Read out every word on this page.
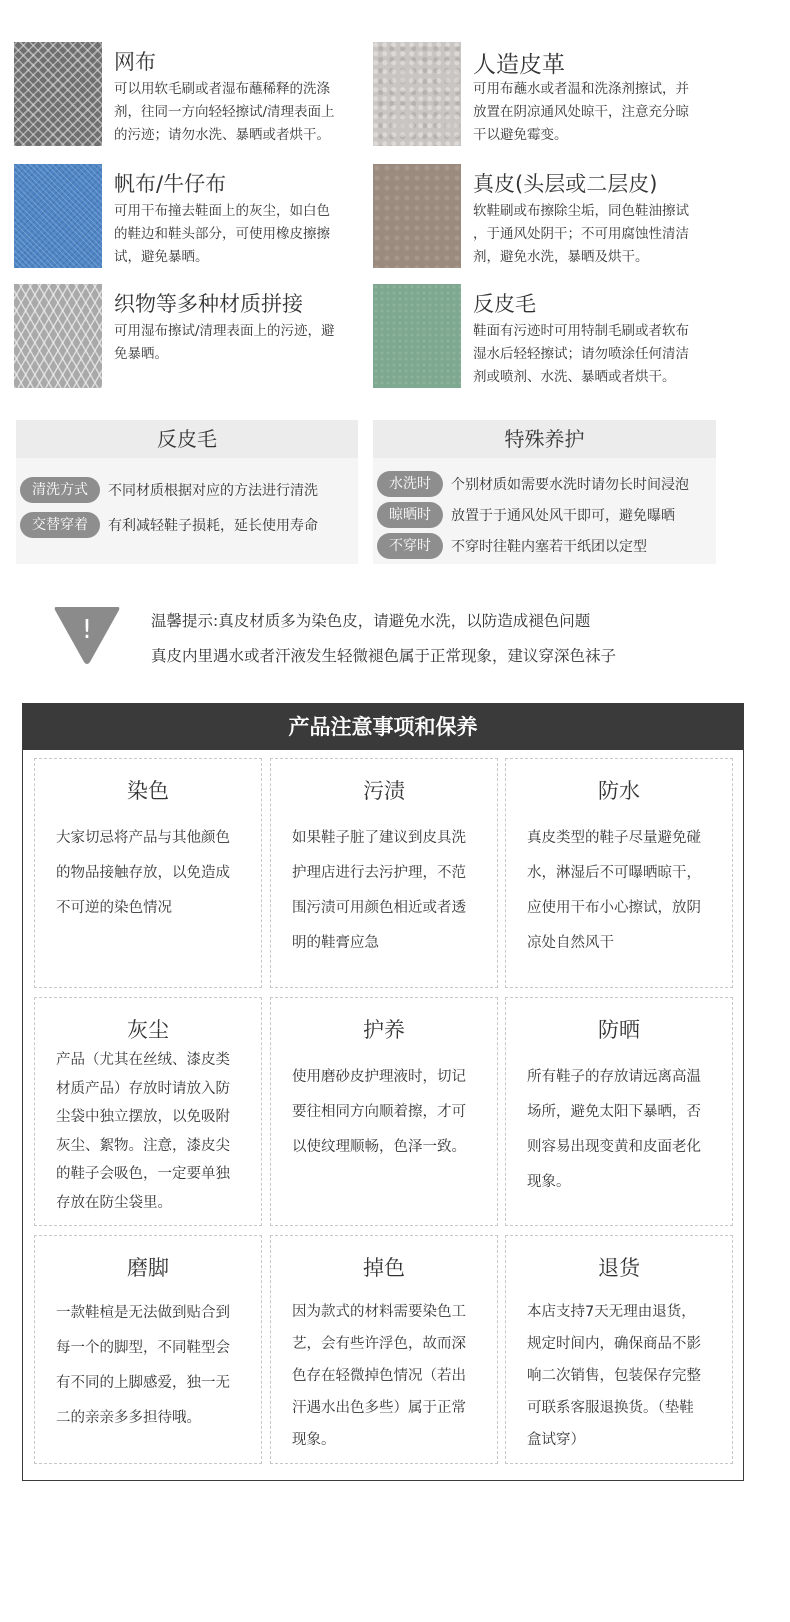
网布
可以用软毛刷或者湿布蘸稀释的洗涤
剂，往同一方向轻轻擦试/清理表面上
的污迹；请勿水洗、暴晒或者烘干。
人造皮革
可用布蘸水或者温和洗涤剂擦试，并
放置在阴凉通风处晾干，注意充分晾
干以避免霉变。
帆布/牛仔布
可用干布撞去鞋面上的灰尘，如白色
的鞋边和鞋头部分，可使用橡皮擦擦
试，避免暴晒。
真皮(头层或二层皮)
软鞋刷或布擦除尘垢，同色鞋油擦试
，于通风处阴干；不可用腐蚀性清洁
剂，避免水洗，暴晒及烘干。
织物等多种材质拼接
可用湿布擦试/清理表面上的污迹，避
免暴晒。
反皮毛
鞋面有污迹时可用特制毛刷或者软布
湿水后轻轻擦试；请勿喷涂任何清洁
剂或喷剂、水洗、暴晒或者烘干。
反皮毛
清洗方式	不同材质根据对应的方法进行清洗
交替穿着	有利减轻鞋子损耗，延长使用寿命
特殊养护
水洗时	个别材质如需要水洗时请勿长时间浸泡
晾晒时	放置于于通风处风干即可，避免曝晒
不穿时	不穿时往鞋内塞若干纸团以定型
!	温馨提示:真皮材质多为染色皮，请避免水洗，以防造成褪色问题
真皮内里遇水或者汗液发生轻微褪色属于正常现象，建议穿深色袜子
产品注意事项和保养
染色
大家切忌将产品与其他颜色
的物品接触存放，以免造成
不可逆的染色情况
污渍
如果鞋子脏了建议到皮具洗
护理店进行去污护理，不范
围污渍可用颜色相近或者透
明的鞋膏应急
防水
真皮类型的鞋子尽量避免碰
水，淋湿后不可曝晒晾干，
应使用干布小心擦试，放阴
凉处自然风干
灰尘
产品（尤其在丝绒、漆皮类
材质产品）存放时请放入防
尘袋中独立摆放，以免吸附
灰尘、絮物。注意，漆皮尖
的鞋子会吸色，一定要单独
存放在防尘袋里。
护养
使用磨砂皮护理液时，切记
要往相同方向顺着擦，才可
以使纹理顺畅，色泽一致。
防晒
所有鞋子的存放请远离高温
场所，避免太阳下暴晒，否
则容易出现变黄和皮面老化
现象。
磨脚
一款鞋楦是无法做到贴合到
每一个的脚型，不同鞋型会
有不同的上脚感爱，独一无
二的亲亲多多担待哦。
掉色
因为款式的材料需要染色工
艺，会有些许浮色，故而深
色存在轻微掉色情况（若出
汗遇水出色多些）属于正常
现象。
退货
本店支持7天无理由退货，
规定时间内，确保商品不影
响二次销售，包装保存完整
可联系客服退换货。（垫鞋
盒试穿）
